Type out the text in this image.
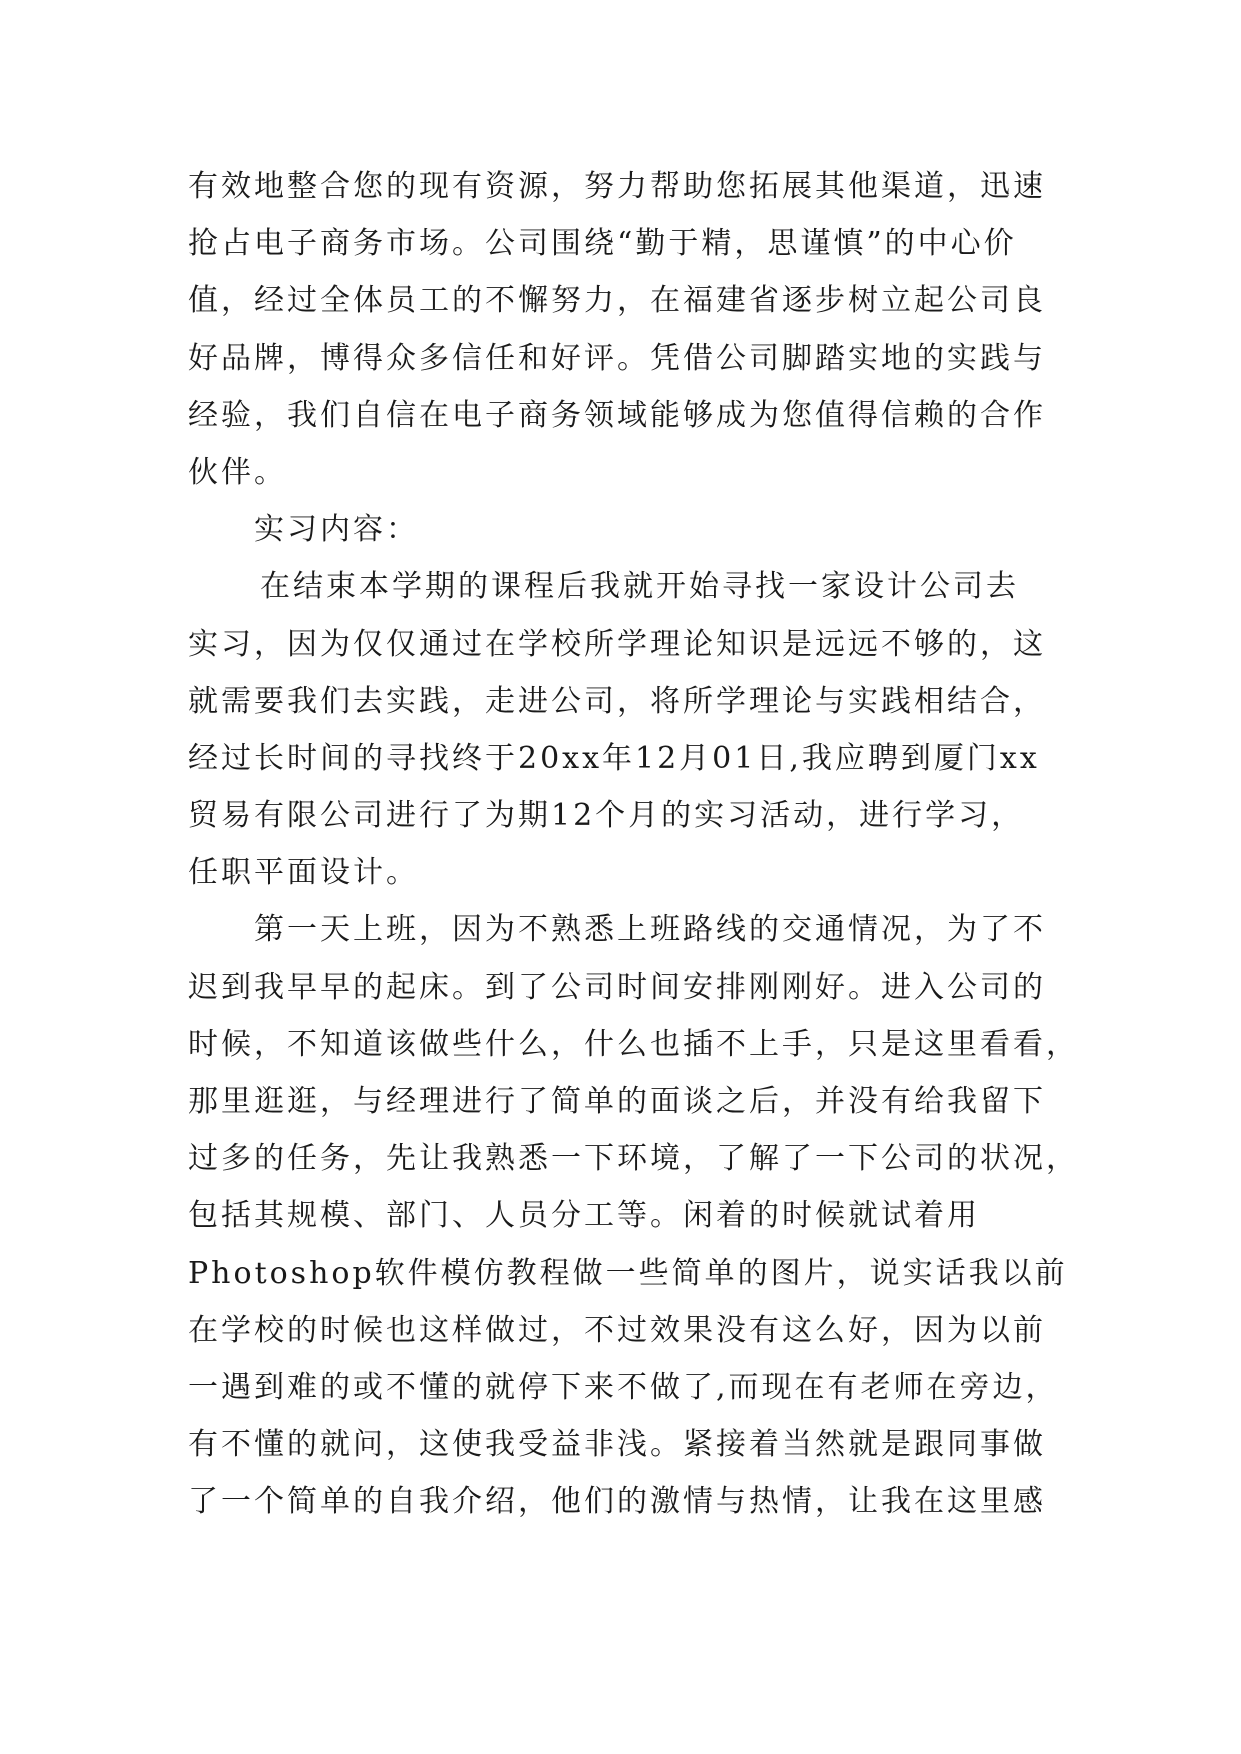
有效地整合您的现有资源，努力帮助您拓展其他渠道，迅速
抢占电子商务市场。公司围绕“勤于精，思谨慎”的中心价
值，经过全体员工的不懈努力，在福建省逐步树立起公司良
好品牌，博得众多信任和好评。凭借公司脚踏实地的实践与
经验，我们自信在电子商务领域能够成为您值得信赖的合作
伙伴。
实习内容：
在结束本学期的课程后我就开始寻找一家设计公司去
实习，因为仅仅通过在学校所学理论知识是远远不够的，这
就需要我们去实践，走进公司，将所学理论与实践相结合，
经过长时间的寻找终于20xx年12月01日,我应聘到厦门xx
贸易有限公司进行了为期12个月的实习活动，进行学习，
任职平面设计。
第一天上班，因为不熟悉上班路线的交通情况，为了不
迟到我早早的起床。到了公司时间安排刚刚好。进入公司的
时候，不知道该做些什么，什么也插不上手，只是这里看看，
那里逛逛，与经理进行了简单的面谈之后，并没有给我留下
过多的任务，先让我熟悉一下环境，了解了一下公司的状况，
包括其规模、部门、人员分工等。闲着的时候就试着用
Photoshop软件模仿教程做一些简单的图片，说实话我以前
在学校的时候也这样做过，不过效果没有这么好，因为以前
一遇到难的或不懂的就停下来不做了,而现在有老师在旁边，
有不懂的就问，这使我受益非浅。紧接着当然就是跟同事做
了一个简单的自我介绍，他们的激情与热情，让我在这里感
